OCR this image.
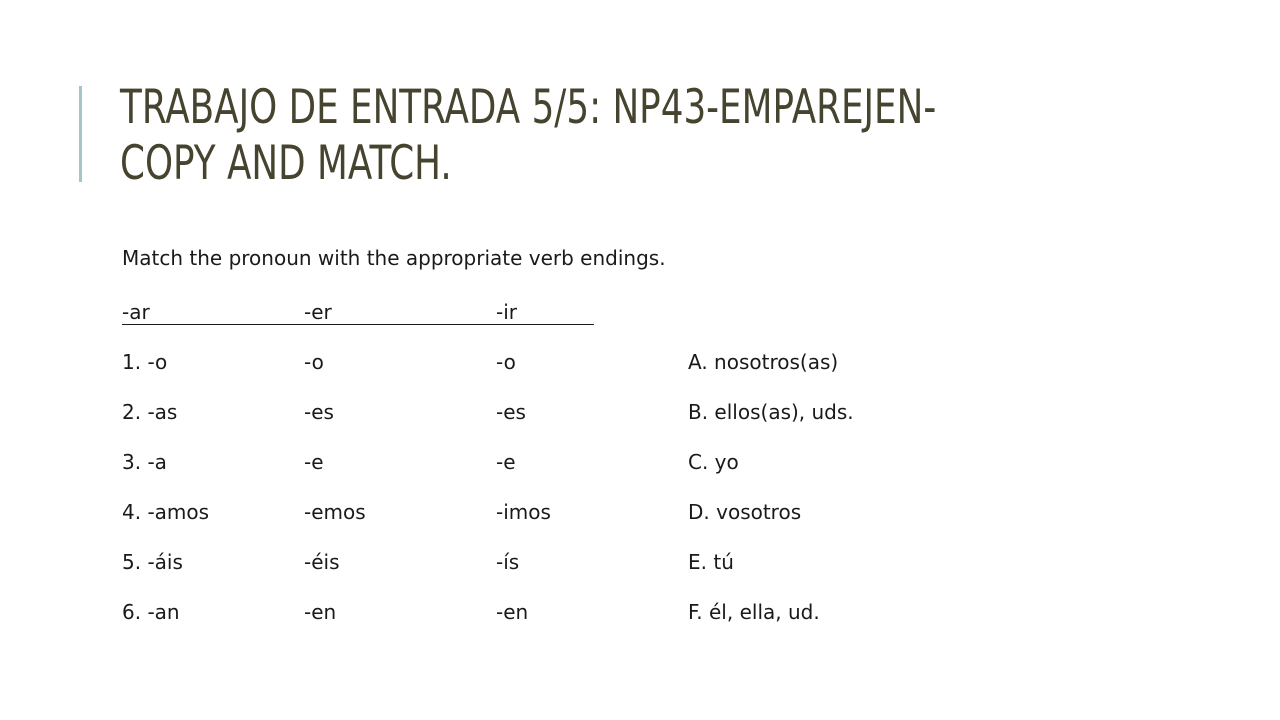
TRABAJO DE ENTRADA 5/5: NP43-EMPAREJEN-
COPY AND MATCH.
Match the pronoun with the appropriate verb endings.
-ar	-er	-ir
1. -o	-o	-o	A. nosotros(as)
2. -as	-es	-es	B. ellos(as), uds.
3. -a	-e	-e	C. yo
4. -amos	-emos	-imos	D. vosotros
5. -áis	-éis	-ís	E. tú
6. -an	-en	-en	F. él, ella, ud.
